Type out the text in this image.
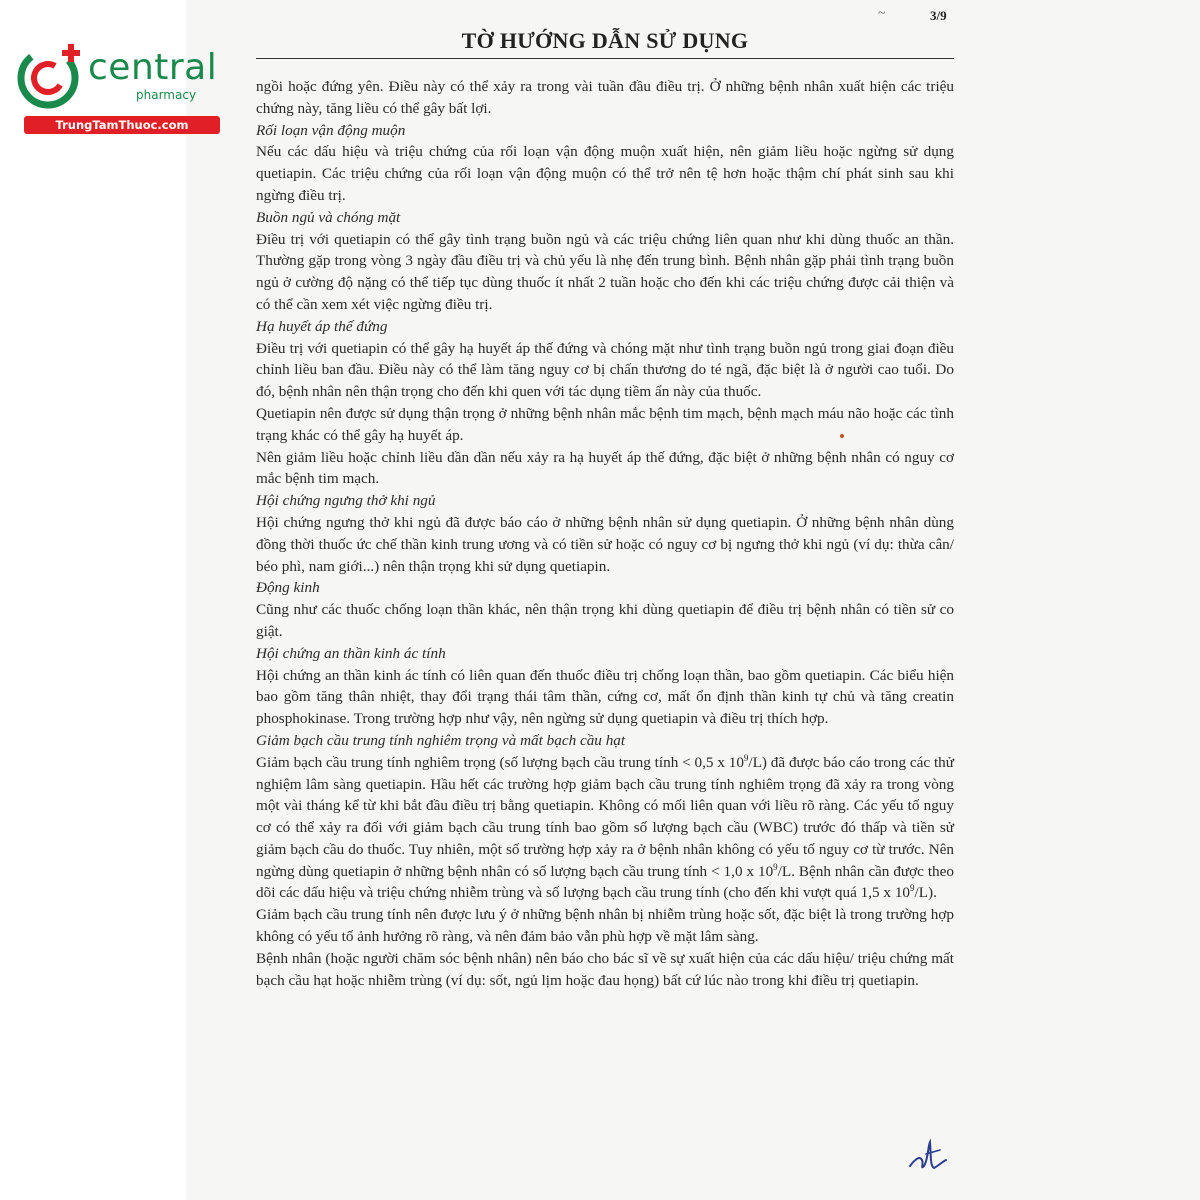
central

pharmacy
TrungTamThuoc.com
~	3/9
TỜ HƯỚNG DẪN SỬ DỤNG

ngồi hoặc đứng yên. Điều này có thể xảy ra trong vài tuần đầu điều trị. Ở những bệnh nhân xuất hiện các triệu chứng này, tăng liều có thể gây bất lợi.

Rối loạn vận động muộn

Nếu các dấu hiệu và triệu chứng của rối loạn vận động muộn xuất hiện, nên giảm liều hoặc ngừng sử dụng quetiapin. Các triệu chứng của rối loạn vận động muộn có thể trở nên tệ hơn hoặc thậm chí phát sinh sau khi ngừng điều trị.

Buồn ngủ và chóng mặt

Điều trị với quetiapin có thể gây tình trạng buồn ngủ và các triệu chứng liên quan như khi dùng thuốc an thần. Thường gặp trong vòng 3 ngày đầu điều trị và chủ yếu là nhẹ đến trung bình. Bệnh nhân gặp phải tình trạng buồn ngủ ở cường độ nặng có thể tiếp tục dùng thuốc ít nhất 2 tuần hoặc cho đến khi các triệu chứng được cải thiện và có thể cần xem xét việc ngừng điều trị.

Hạ huyết áp thế đứng

Điều trị với quetiapin có thể gây hạ huyết áp thế đứng và chóng mặt như tình trạng buồn ngủ trong giai đoạn điều chỉnh liều ban đầu. Điều này có thể làm tăng nguy cơ bị chấn thương do té ngã, đặc biệt là ở người cao tuổi. Do đó, bệnh nhân nên thận trọng cho đến khi quen với tác dụng tiềm ẩn này của thuốc.

Quetiapin nên được sử dụng thận trọng ở những bệnh nhân mắc bệnh tim mạch, bệnh mạch máu não hoặc các tình trạng khác có thể gây hạ huyết áp.

Nên giảm liều hoặc chỉnh liều dần dần nếu xảy ra hạ huyết áp thế đứng, đặc biệt ở những bệnh nhân có nguy cơ mắc bệnh tim mạch.

Hội chứng ngưng thở khi ngủ

Hội chứng ngưng thở khi ngủ đã được báo cáo ở những bệnh nhân sử dụng quetiapin. Ở những bệnh nhân dùng đồng thời thuốc ức chế thần kinh trung ương và có tiền sử hoặc có nguy cơ bị ngưng thở khi ngủ (ví dụ: thừa cân/ béo phì, nam giới...) nên thận trọng khi sử dụng quetiapin.

Động kinh

Cũng như các thuốc chống loạn thần khác, nên thận trọng khi dùng quetiapin để điều trị bệnh nhân có tiền sử co giật.

Hội chứng an thần kinh ác tính

Hội chứng an thần kinh ác tính có liên quan đến thuốc điều trị chống loạn thần, bao gồm quetiapin. Các biểu hiện bao gồm tăng thân nhiệt, thay đổi trạng thái tâm thần, cứng cơ, mất ổn định thần kinh tự chủ và tăng creatin phosphokinase. Trong trường hợp như vậy, nên ngừng sử dụng quetiapin và điều trị thích hợp.

Giảm bạch cầu trung tính nghiêm trọng và mất bạch cầu hạt

Giảm bạch cầu trung tính nghiêm trọng (số lượng bạch cầu trung tính < 0,5 x $10^9/L$) đã được báo cáo trong các thử nghiệm lâm sàng quetiapin. Hầu hết các trường hợp giảm bạch cầu trung tính nghiêm trọng đã xảy ra trong vòng một vài tháng kể từ khi bắt đầu điều trị bằng quetiapin. Không có mối liên quan với liều rõ ràng. Các yếu tố nguy cơ có thể xảy ra đối với giảm bạch cầu trung tính bao gồm số lượng bạch cầu (WBC) trước đó thấp và tiền sử giảm bạch cầu do thuốc. Tuy nhiên, một số trường hợp xảy ra ở bệnh nhân không có yếu tố nguy cơ từ trước. Nên ngừng dùng quetiapin ở những bệnh nhân có số lượng bạch cầu trung tính < 1,0 x $10^9/L$. Bệnh nhân cần được theo dõi các dấu hiệu và triệu chứng nhiễm trùng và số lượng bạch cầu trung tính (cho đến khi vượt quá 1,5 x $10^9/L$).

Giảm bạch cầu trung tính nên được lưu ý ở những bệnh nhân bị nhiễm trùng hoặc sốt, đặc biệt là trong trường hợp không có yếu tố ảnh hưởng rõ ràng, và nên đảm bảo vẫn phù hợp về mặt lâm sàng.

Bệnh nhân (hoặc người chăm sóc bệnh nhân) nên báo cho bác sĩ về sự xuất hiện của các dấu hiệu/ triệu chứng mất bạch cầu hạt hoặc nhiễm trùng (ví dụ: sốt, ngủ lịm hoặc đau họng) bất cứ lúc nào trong khi điều trị quetiapin.
